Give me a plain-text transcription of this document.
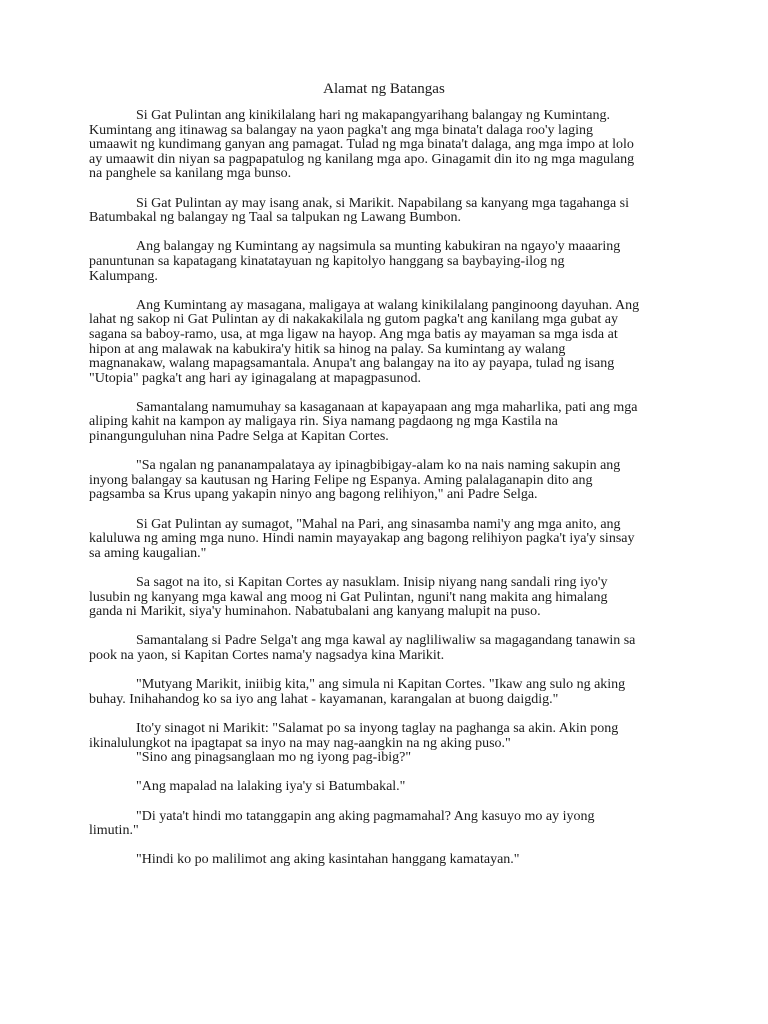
Alamat ng Batangas

Si Gat Pulintan ang kinikilalang hari ng makapangyarihang balangay ng Kumintang.
Kumintang ang itinawag sa balangay na yaon pagka't ang mga binata't dalaga roo'y laging
umaawit ng kundimang ganyan ang pamagat. Tulad ng mga binata't dalaga, ang mga impo at lolo
ay umaawit din niyan sa pagpapatulog ng kanilang mga apo. Ginagamit din ito ng mga magulang
na panghele sa kanilang mga bunso.

Si Gat Pulintan ay may isang anak, si Marikit. Napabilang sa kanyang mga tagahanga si
Batumbakal ng balangay ng Taal sa talpukan ng Lawang Bumbon.

Ang balangay ng Kumintang ay nagsimula sa munting kabukiran na ngayo'y maaaring
panuntunan sa kapatagang kinatatayuan ng kapitolyo hanggang sa baybaying-ilog ng
Kalumpang.

Ang Kumintang ay masagana, maligaya at walang kinikilalang panginoong dayuhan. Ang
lahat ng sakop ni Gat Pulintan ay di nakakakilala ng gutom pagka't ang kanilang mga gubat ay
sagana sa baboy-ramo, usa, at mga ligaw na hayop. Ang mga batis ay mayaman sa mga isda at
hipon at ang malawak na kabukira'y hitik sa hinog na palay. Sa kumintang ay walang
magnanakaw, walang mapagsamantala. Anupa't ang balangay na ito ay payapa, tulad ng isang
"Utopia" pagka't ang hari ay iginagalang at mapagpasunod.

Samantalang namumuhay sa kasaganaan at kapayapaan ang mga maharlika, pati ang mga
aliping kahit na kampon ay maligaya rin. Siya namang pagdaong ng mga Kastila na
pinangunguluhan nina Padre Selga at Kapitan Cortes.

"Sa ngalan ng pananampalataya ay ipinagbibigay-alam ko na nais naming sakupin ang
inyong balangay sa kautusan ng Haring Felipe ng Espanya. Aming palalaganapin dito ang
pagsamba sa Krus upang yakapin ninyo ang bagong relihiyon," ani Padre Selga.

Si Gat Pulintan ay sumagot, "Mahal na Pari, ang sinasamba nami'y ang mga anito, ang
kaluluwa ng aming mga nuno. Hindi namin mayayakap ang bagong relihiyon pagka't iya'y sinsay
sa aming kaugalian."

Sa sagot na ito, si Kapitan Cortes ay nasuklam. Inisip niyang nang sandali ring iyo'y
lusubin ng kanyang mga kawal ang moog ni Gat Pulintan, nguni't nang makita ang himalang
ganda ni Marikit, siya'y huminahon. Nabatubalani ang kanyang malupit na puso.

Samantalang si Padre Selga't ang mga kawal ay nagliliwaliw sa magagandang tanawin sa
pook na yaon, si Kapitan Cortes nama'y nagsadya kina Marikit.

"Mutyang Marikit, iniibig kita," ang simula ni Kapitan Cortes. "Ikaw ang sulo ng aking
buhay. Inihahandog ko sa iyo ang lahat - kayamanan, karangalan at buong daigdig."

Ito'y sinagot ni Marikit: "Salamat po sa inyong taglay na paghanga sa akin. Akin pong
ikinalulungkot na ipagtapat sa inyo na may nag-aangkin na ng aking puso."

"Sino ang pinagsanglaan mo ng iyong pag-ibig?"

"Ang mapalad na lalaking iya'y si Batumbakal."

"Di yata't hindi mo tatanggapin ang aking pagmamahal? Ang kasuyo mo ay iyong
limutin."

"Hindi ko po malilimot ang aking kasintahan hanggang kamatayan."
